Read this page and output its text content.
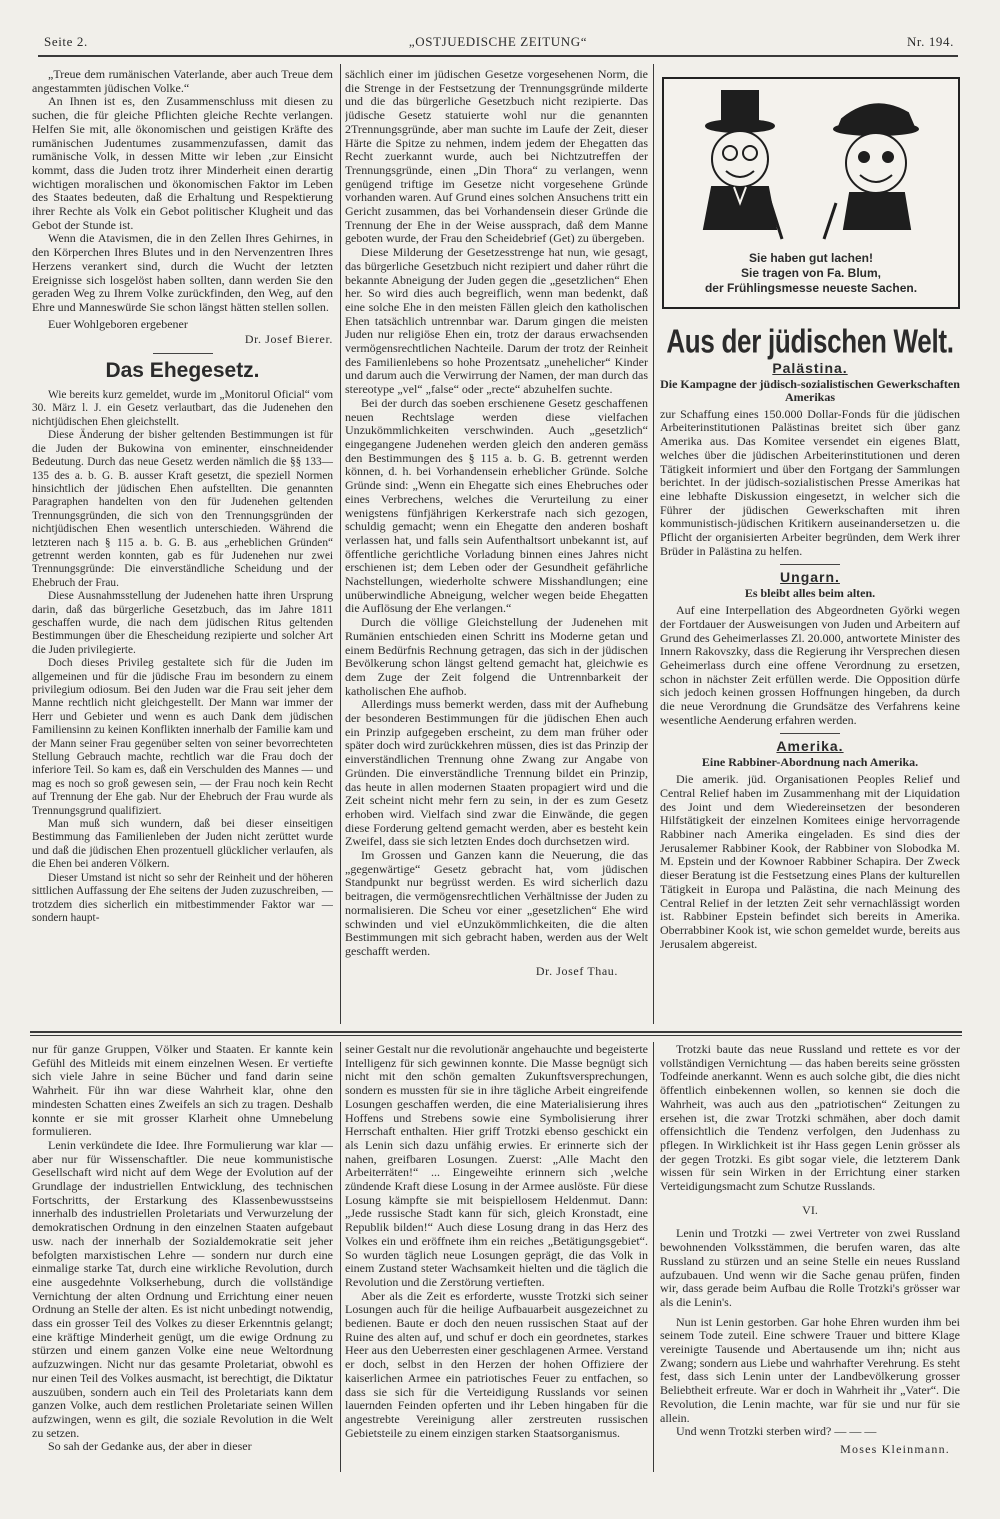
Seite 2.	„OSTJUEDISCHE ZEITUNG“	Nr. 194.

„Treue dem rumänischen Vaterlande, aber auch Treue dem angestammten jüdischen Volke.“

An Ihnen ist es, den Zusammenschluss mit diesen zu suchen, die für gleiche Pflichten gleiche Rechte verlangen. Helfen Sie mit, alle ökonomischen und geistigen Kräfte des rumänischen Judentumes zusammenzufassen, damit das rumänische Volk, in dessen Mitte wir leben ‚zur Einsicht kommt, dass die Juden trotz ihrer Minderheit einen derartig wichtigen moralischen und ökonomischen Faktor im Leben des Staates bedeuten, daß die Erhaltung und Respektierung ihrer Rechte als Volk ein Gebot politischer Klugheit und das Gebot der Stunde ist.

Wenn die Atavismen, die in den Zellen Ihres Gehirnes, in den Körperchen Ihres Blutes und in den Nervenzentren Ihres Herzens verankert sind, durch die Wucht der letzten Ereignisse sich losgelöst haben sollten, dann werden Sie den geraden Weg zu Ihrem Volke zurückfinden, den Weg, auf den Ehre und Manneswürde Sie schon längst hätten stellen sollen.

Euer Wohlgeboren ergebener

Dr. Josef Bierer.
Das Ehegesetz.

Wie bereits kurz gemeldet, wurde im „Monitorul Oficial“ vom 30. März l. J. ein Gesetz verlautbart, das die Judenehen den nichtjüdischen Ehen gleichstellt.

Diese Änderung der bisher geltenden Bestimmungen ist für die Juden der Bukowina von eminenter, einschneidender Bedeutung. Durch das neue Gesetz werden nämlich die §§ 133—135 des a. b. G. B. ausser Kraft gesetzt, die speziell Normen hinsichtlich der jüdischen Ehen aufstellten. Die genannten Paragraphen handelten von den für Judenehen geltenden Trennungsgründen, die sich von den Trennungsgründen der nichtjüdischen Ehen wesentlich unterschieden. Während die letzteren nach § 115 a. b. G. B. aus „erheblichen Gründen“ getrennt werden konnten, gab es für Judenehen nur zwei Trennungsgründe: Die einverständliche Scheidung und der Ehebruch der Frau.

Diese Ausnahmsstellung der Judenehen hatte ihren Ursprung darin, daß das bürgerliche Gesetzbuch, das im Jahre 1811 geschaffen wurde, die nach dem jüdischen Ritus geltenden Bestimmungen über die Ehescheidung rezipierte und solcher Art die Juden privilegierte.

Doch dieses Privileg gestaltete sich für die Juden im allgemeinen und für die jüdische Frau im besondern zu einem privilegium odiosum. Bei den Juden war die Frau seit jeher dem Manne rechtlich nicht gleichgestellt. Der Mann war immer der Herr und Gebieter und wenn es auch Dank dem jüdischen Familiensinn zu keinen Konflikten innerhalb der Familie kam und der Mann seiner Frau gegenüber selten von seiner bevorrechteten Stellung Gebrauch machte, rechtlich war die Frau doch der inferiore Teil. So kam es, daß ein Verschulden des Mannes — und mag es noch so groß gewesen sein, — der Frau noch kein Recht auf Trennung der Ehe gab. Nur der Ehebruch der Frau wurde als Trennungsgrund qualifiziert.

Man muß sich wundern, daß bei dieser einseitigen Bestimmung das Familienleben der Juden nicht zerüttet wurde und daß die jüdischen Ehen prozentuell glücklicher verlaufen, als die Ehen bei anderen Völkern.

Dieser Umstand ist nicht so sehr der Reinheit und der höheren sittlichen Auffassung der Ehe seitens der Juden zuzuschreiben, — trotzdem dies sicherlich ein mitbestimmender Faktor war — sondern haupt-

sächlich einer im jüdischen Gesetze vorgesehenen Norm, die die Strenge in der Festsetzung der Trennungsgründe milderte und die das bürgerliche Gesetzbuch nicht rezipierte. Das jüdische Gesetz statuierte wohl nur die genannten 2Trennungsgründe, aber man suchte im Laufe der Zeit, dieser Härte die Spitze zu nehmen, indem jedem der Ehegatten das Recht zuerkannt wurde, auch bei Nichtzutreffen der Trennungsgründe, einen „Din Thora“ zu verlangen, wenn genügend triftige im Gesetze nicht vorgesehene Gründe vorhanden waren. Auf Grund eines solchen Ansuchens tritt ein Gericht zusammen, das bei Vorhandensein dieser Gründe die Trennung der Ehe in der Weise aussprach, daß dem Manne geboten wurde, der Frau den Scheidebrief (Get) zu übergeben.

Diese Milderung der Gesetzesstrenge hat nun, wie gesagt, das bürgerliche Gesetzbuch nicht rezipiert und daher rührt die bekannte Abneigung der Juden gegen die „gesetzlichen“ Ehen her. So wird dies auch begreiflich, wenn man bedenkt, daß eine solche Ehe in den meisten Fällen gleich den katholischen Ehen tatsächlich untrennbar war. Darum gingen die meisten Juden nur religiöse Ehen ein, trotz der daraus erwachsenden vermögensrechtlichen Nachteile. Darum der trotz der Reinheit des Familienlebens so hohe Prozentsatz „unehelicher“ Kinder und darum auch die Verwirrung der Namen, der man durch das stereotype „vel“ „false“ oder „recte“ abzuhelfen suchte.

Bei der durch das soeben erschienene Gesetz geschaffenen neuen Rechtslage werden diese vielfachen Unzukömmlichkeiten verschwinden. Auch „gesetzlich“ eingegangene Judenehen werden gleich den anderen gemäss den Bestimmungen des § 115 a. b. G. B. getrennt werden können, d. h. bei Vorhandensein erheblicher Gründe. Solche Gründe sind: „Wenn ein Ehegatte sich eines Ehebruches oder eines Verbrechens, welches die Verurteilung zu einer wenigstens fünfjährigen Kerkerstrafe nach sich gezogen, schuldig gemacht; wenn ein Ehegatte den anderen boshaft verlassen hat, und falls sein Aufenthaltsort unbekannt ist, auf öffentliche gerichtliche Vorladung binnen eines Jahres nicht erschienen ist; dem Leben oder der Gesundheit gefährliche Nachstellungen, wiederholte schwere Misshandlungen; eine unüberwindliche Abneigung, welcher wegen beide Ehegatten die Auflösung der Ehe verlangen.“

Durch die völlige Gleichstellung der Judenehen mit Rumänien entschieden einen Schritt ins Moderne getan und einem Bedürfnis Rechnung getragen, das sich in der jüdischen Bevölkerung schon längst geltend gemacht hat, gleichwie es dem Zuge der Zeit folgend die Untrennbarkeit der katholischen Ehe aufhob.

Allerdings muss bemerkt werden, dass mit der Aufhebung der besonderen Bestimmungen für die jüdischen Ehen auch ein Prinzip aufgegeben erscheint, zu dem man früher oder später doch wird zurückkehren müssen, dies ist das Prinzip der einverständlichen Trennung ohne Zwang zur Angabe von Gründen. Die einverständliche Trennung bildet ein Prinzip, das heute in allen modernen Staaten propagiert wird und die Zeit scheint nicht mehr fern zu sein, in der es zum Gesetz erhoben wird. Vielfach sind zwar die Einwände, die gegen diese Forderung geltend gemacht werden, aber es besteht kein Zweifel, dass sie sich letzten Endes doch durchsetzen wird.

Im Grossen und Ganzen kann die Neuerung, die das „gegenwärtige“ Gesetz gebracht hat, vom jüdischen Standpunkt nur begrüsst werden. Es wird sicherlich dazu beitragen, die vermögensrechtlichen Verhältnisse der Juden zu normalisieren. Die Scheu vor einer „gesetzlichen“ Ehe wird schwinden und viel eUnzukömmlichkeiten, die die alten Bestimmungen mit sich gebracht haben, werden aus der Welt geschafft werden.

Dr. Josef Thau.
Sie haben gut lachen!
Sie tragen von Fa. Blum,
der Frühlingsmesse neueste Sachen.
Aus der jüdischen Welt.
Palästina.
Die Kampagne der jüdisch-sozialistischen Gewerkschaften Amerikas

zur Schaffung eines 150.000 Dollar-Fonds für die jüdischen Arbeiterinstitutionen Palästinas breitet sich über ganz Amerika aus. Das Komitee versendet ein eigenes Blatt, welches über die jüdischen Arbeiterinstitutionen und deren Tätigkeit informiert und über den Fortgang der Sammlungen berichtet. In der jüdisch-sozialistischen Presse Amerikas hat eine lebhafte Diskussion eingesetzt, in welcher sich die Führer der jüdischen Gewerkschaften mit ihren kommunistisch-jüdischen Kritikern auseinandersetzen u. die Pflicht der organisierten Arbeiter begründen, dem Werk ihrer Brüder in Palästina zu helfen.

Ungarn.
Es bleibt alles beim alten.

Auf eine Interpellation des Abgeordneten Györki wegen der Fortdauer der Ausweisungen von Juden und Arbeitern auf Grund des Geheimerlasses Zl. 20.000, antwortete Minister des Innern Rakovszky, dass die Regierung ihr Versprechen diesen Geheimerlass durch eine offene Verordnung zu ersetzen, schon in nächster Zeit erfüllen werde. Die Opposition dürfe sich jedoch keinen grossen Hoffnungen hingeben, da durch die neue Verordnung die Grundsätze des Verfahrens keine wesentliche Aenderung erfahren werden.

Amerika.
Eine Rabbiner-Abordnung nach Amerika.

Die amerik. jüd. Organisationen Peoples Relief und Central Relief haben im Zusammenhang mit der Liquidation des Joint und dem Wiedereinsetzen der besonderen Hilfstätigkeit der einzelnen Komitees einige hervorragende Rabbiner nach Amerika eingeladen. Es sind dies der Jerusalemer Rabbiner Kook, der Rabbiner von Slobodka M. M. Epstein und der Kownoer Rabbiner Schapira. Der Zweck dieser Beratung ist die Festsetzung eines Plans der kulturellen Tätigkeit in Europa und Palästina, die nach Meinung des Central Relief in der letzten Zeit sehr vernachlässigt worden ist. Rabbiner Epstein befindet sich bereits in Amerika. Oberrabbiner Kook ist, wie schon gemeldet wurde, bereits aus Jerusalem abgereist.

nur für ganze Gruppen, Völker und Staaten. Er kannte kein Gefühl des Mitleids mit einem einzelnen Wesen. Er vertiefte sich viele Jahre in seine Bücher und fand darin seine Wahrheit. Für ihn war diese Wahrheit klar, ohne den mindesten Schatten eines Zweifels an sich zu tragen. Deshalb konnte er sie mit grosser Klarheit ohne Umnebelung formulieren.

Lenin verkündete die Idee. Ihre Formulierung war klar — aber nur für Wissenschaftler. Die neue kommunistische Gesellschaft wird nicht auf dem Wege der Evolution auf der Grundlage der industriellen Entwicklung, des technischen Fortschritts, der Erstarkung des Klassenbewusstseins innerhalb des industriellen Proletariats und Verwurzelung der demokratischen Ordnung in den einzelnen Staaten aufgebaut usw. nach der innerhalb der Sozialdemokratie seit jeher befolgten marxistischen Lehre — sondern nur durch eine einmalige starke Tat, durch eine wirkliche Revolution, durch eine ausgedehnte Volkserhebung, durch die vollständige Vernichtung der alten Ordnung und Errichtung einer neuen Ordnung an Stelle der alten. Es ist nicht unbedingt notwendig, dass ein grosser Teil des Volkes zu dieser Erkenntnis gelangt; eine kräftige Minderheit genügt, um die ewige Ordnung zu stürzen und einem ganzen Volke eine neue Weltordnung aufzuzwingen. Nicht nur das gesamte Proletariat, obwohl es nur einen Teil des Volkes ausmacht, ist berechtigt, die Diktatur auszuüben, sondern auch ein Teil des Proletariats kann dem ganzen Volke, auch dem restlichen Proletariate seinen Willen aufzwingen, wenn es gilt, die soziale Revolution in die Welt zu setzen.

So sah der Gedanke aus, der aber in dieser

seiner Gestalt nur die revolutionär angehauchte und begeisterte Intelligenz für sich gewinnen konnte. Die Masse begnügt sich nicht mit den schön gemalten Zukunftsversprechungen, sondern es mussten für sie in ihre tägliche Arbeit eingreifende Losungen geschaffen werden, die eine Materialisierung ihres Hoffens und Strebens sowie eine Symbolisierung ihrer Herrschaft enthalten. Hier griff Trotzki ebenso geschickt ein als Lenin sich dazu unfähig erwies. Er erinnerte sich der nahen, greifbaren Losungen. Zuerst: „Alle Macht den Arbeiterräten!“ ... Eingeweihte erinnern sich ‚welche zündende Kraft diese Losung in der Armee auslöste. Für diese Losung kämpfte sie mit beispiellosem Heldenmut. Dann: „Jede russische Stadt kann für sich, gleich Kronstadt, eine Republik bilden!“ Auch diese Losung drang in das Herz des Volkes ein und eröffnete ihm ein reiches „Betätigungsgebiet“. So wurden täglich neue Losungen geprägt, die das Volk in einem Zustand steter Wachsamkeit hielten und die täglich die Revolution und die Zerstörung vertieften.

Aber als die Zeit es erforderte, wusste Trotzki sich seiner Losungen auch für die heilige Aufbauarbeit ausgezeichnet zu bedienen. Baute er doch den neuen russischen Staat auf der Ruine des alten auf, und schuf er doch ein geordnetes, starkes Heer aus den Ueberresten einer geschlagenen Armee. Verstand er doch, selbst in den Herzen der hohen Offiziere der kaiserlichen Armee ein patriotisches Feuer zu entfachen, so dass sie sich für die Verteidigung Russlands vor seinen lauernden Feinden opferten und ihr Leben hingaben für die angestrebte Vereinigung aller zerstreuten russischen Gebietsteile zu einem einzigen starken Staatsorganismus.

Trotzki baute das neue Russland und rettete es vor der vollständigen Vernichtung — das haben bereits seine grössten Todfeinde anerkannt. Wenn es auch solche gibt, die dies nicht öffentlich einbekennen wollen, so kennen sie doch die Wahrheit, was auch aus den „patriotischen“ Zeitungen zu ersehen ist, die zwar Trotzki schmähen, aber doch damit offensichtlich die Tendenz verfolgen, den Judenhass zu pflegen. In Wirklichkeit ist ihr Hass gegen Lenin grösser als der gegen Trotzki. Es gibt sogar viele, die letzterem Dank wissen für sein Wirken in der Errichtung einer starken Verteidigungsmacht zum Schutze Russlands.

VI.

Lenin und Trotzki — zwei Vertreter von zwei Russland bewohnenden Volksstämmen, die berufen waren, das alte Russland zu stürzen und an seine Stelle ein neues Russland aufzubauen. Und wenn wir die Sache genau prüfen, finden wir, dass gerade beim Aufbau die Rolle Trotzki's grösser war als die Lenin's.

Nun ist Lenin gestorben. Gar hohe Ehren wurden ihm bei seinem Tode zuteil. Eine schwere Trauer und bittere Klage vereinigte Tausende und Abertausende um ihn; nicht aus Zwang; sondern aus Liebe und wahrhafter Verehrung. Es steht fest, dass sich Lenin unter der Landbevölkerung grosser Beliebtheit erfreute. War er doch in Wahrheit ihr „Vater“. Die Revolution, die Lenin machte, war für sie und nur für sie allein.

Und wenn Trotzki sterben wird? — — —

Moses Kleinmann.
